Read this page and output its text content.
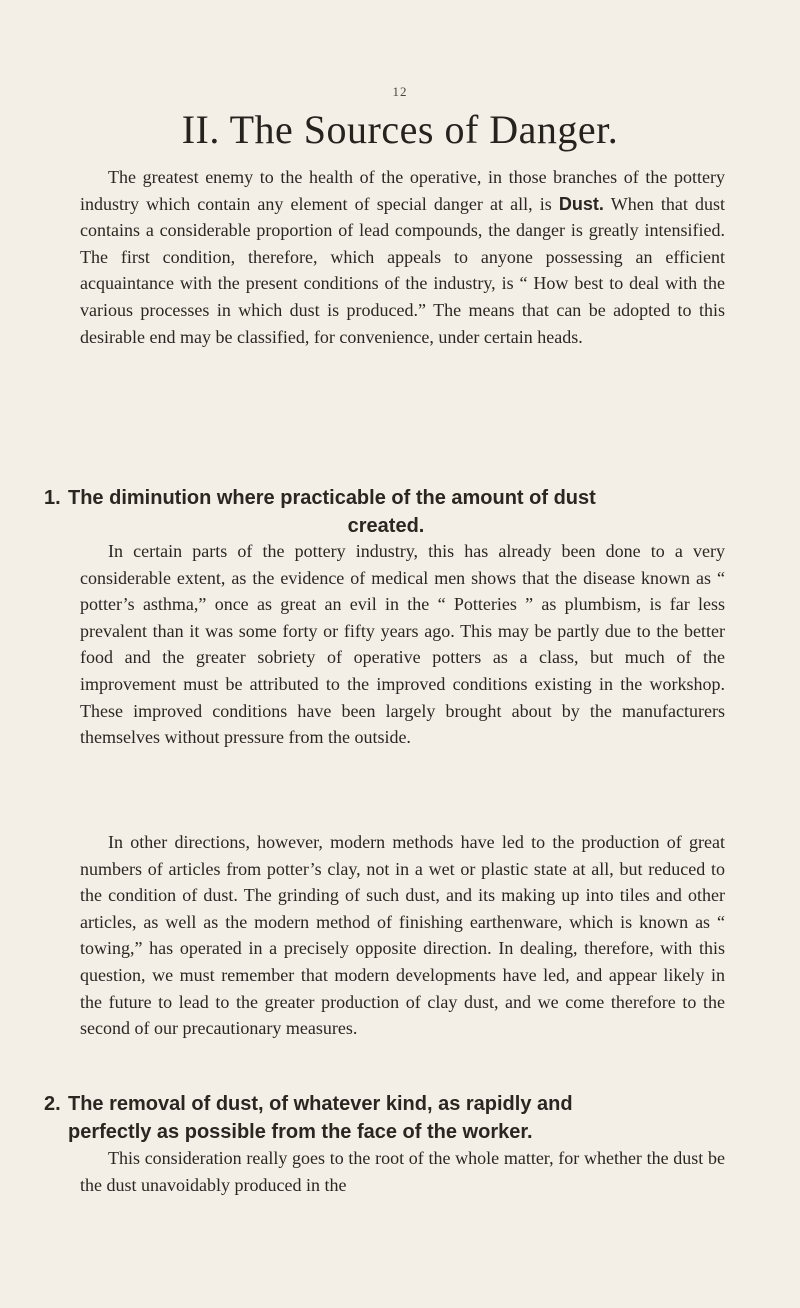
12
II. The Sources of Danger.

The greatest enemy to the health of the operative, in those branches of the pottery industry which contain any element of special danger at all, is Dust. When that dust contains a considerable proportion of lead compounds, the danger is greatly intensified. The first condition, therefore, which appeals to anyone possessing an efficient acquaintance with the present conditions of the industry, is “ How best to deal with the various processes in which dust is produced.” The means that can be adopted to this desirable end may be classified, for convenience, under certain heads.

1. The diminution where practicable of the amount of dust
created.

In certain parts of the pottery industry, this has already been done to a very considerable extent, as the evidence of medical men shows that the disease known as “ potter’s asthma,” once as great an evil in the “ Potteries ” as plumbism, is far less prevalent than it was some forty or fifty years ago. This may be partly due to the better food and the greater sobriety of operative potters as a class, but much of the improvement must be attributed to the improved conditions existing in the workshop. These improved conditions have been largely brought about by the manufacturers themselves without pressure from the outside.

In other directions, however, modern methods have led to the production of great numbers of articles from potter’s clay, not in a wet or plastic state at all, but reduced to the condition of dust. The grinding of such dust, and its making up into tiles and other articles, as well as the modern method of finishing earthenware, which is known as “ towing,” has operated in a precisely opposite direction. In dealing, therefore, with this question, we must remember that modern developments have led, and appear likely in the future to lead to the greater production of clay dust, and we come therefore to the second of our precautionary measures.

2. The removal of dust, of whatever kind, as rapidly and
perfectly as possible from the face of the worker.

This consideration really goes to the root of the whole matter, for whether the dust be the dust unavoidably produced in the
